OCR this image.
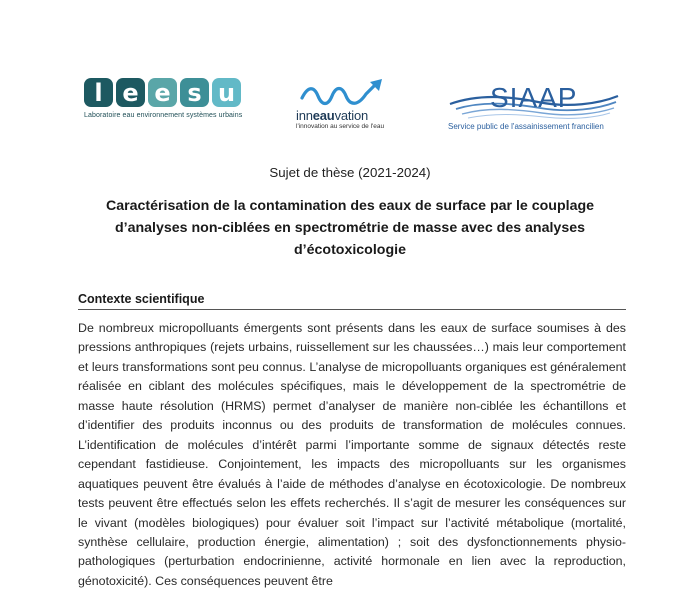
l e e s u
Laboratoire eau environnement systèmes urbains	inneauvation
l'innovation au service de l'eau
SIAAP
Service public de l'assainissement francilien
Sujet de thèse (2021-2024)
Caractérisation de la contamination des eaux de surface par le couplage
d’analyses non-ciblées en spectrométrie de masse avec des analyses
d’écotoxicologie
Contexte scientifique

De nombreux micropolluants émergents sont présents dans les eaux de surface soumises à des pressions anthropiques (rejets urbains, ruissellement sur les chaussées…) mais leur comportement et leurs transformations sont peu connus. L’analyse de micropolluants organiques est généralement réalisée en ciblant des molécules spécifiques, mais le développement de la spectrométrie de masse haute résolution (HRMS) permet d’analyser de manière non-ciblée les échantillons et d’identifier des produits inconnus ou des produits de transformation de molécules connues. L’identification de molécules d’intérêt parmi l’importante somme de signaux détectés reste cependant fastidieuse. Conjointement, les impacts des micropolluants sur les organismes aquatiques peuvent être évalués à l’aide de méthodes d’analyse en écotoxicologie. De nombreux tests peuvent être effectués selon les effets recherchés. Il s’agit de mesurer les conséquences sur le vivant (modèles biologiques) pour évaluer soit l’impact sur l’activité métabolique (mortalité, synthèse cellulaire, production énergie, alimentation) ; soit des dysfonctionnements physio-pathologiques (perturbation endocrinienne, activité hormonale en lien avec la reproduction, génotoxicité). Ces conséquences peuvent être
